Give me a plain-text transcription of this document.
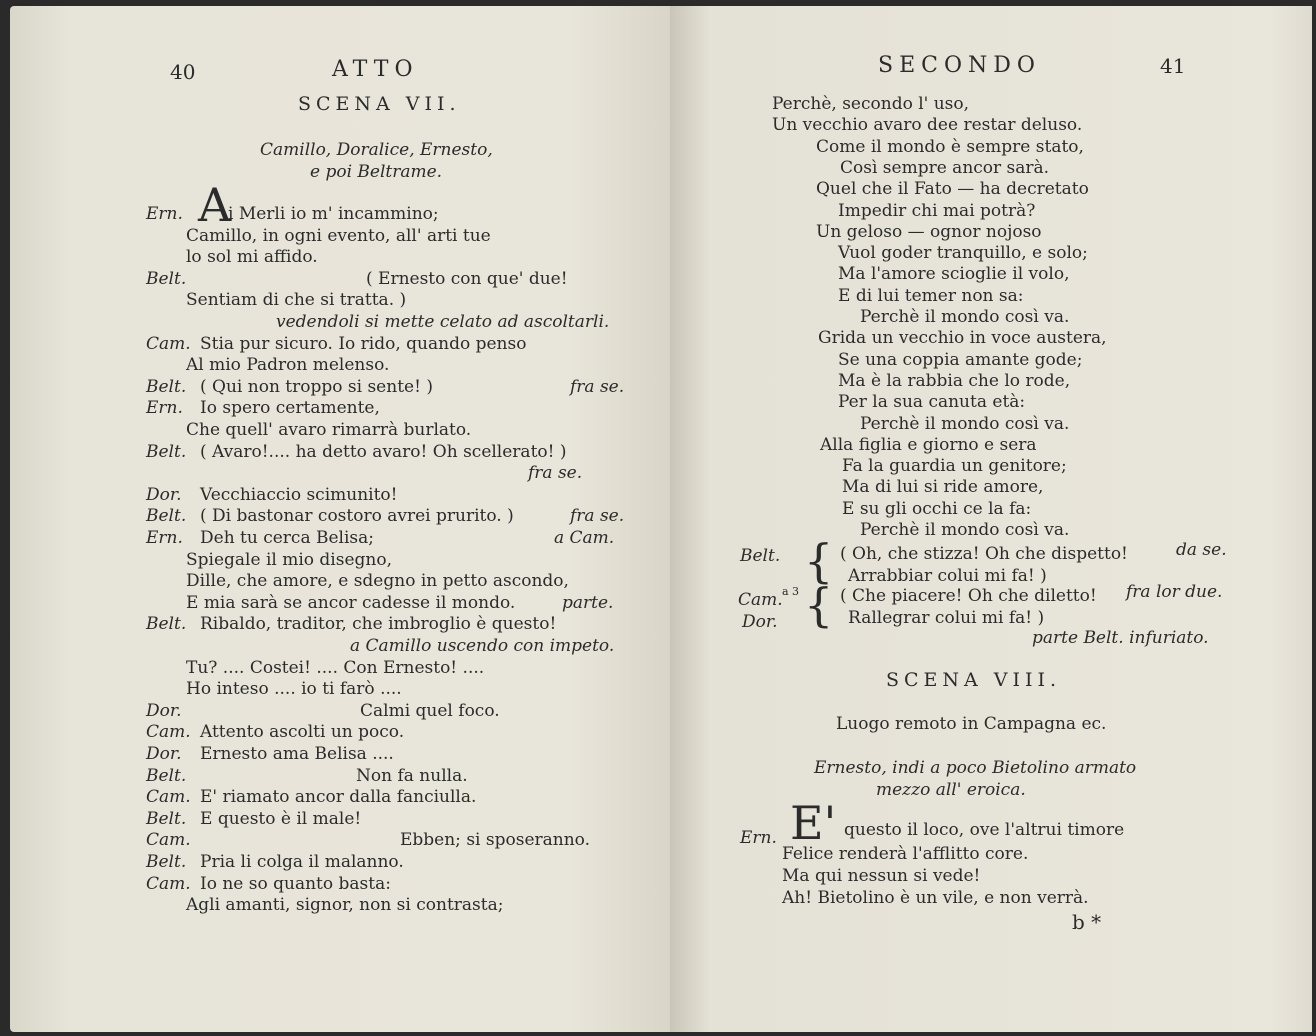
40	ATTO
SCENA VII.
Camillo, Doralice, Ernesto,
e poi Beltrame.
A
Ern.	i Merli io m' incammino;
Camillo, in ogni evento, all' arti tue
lo sol mi affido.
Belt.	( Ernesto con que' due!
Sentiam di che si tratta. )
vedendoli si mette celato ad ascoltarli.
Cam. Stia pur sicuro. Io rido, quando penso
Al mio Padron melenso.
Belt. ( Qui non troppo si sente! )	fra se.
Ern. Io spero certamente,
Che quell' avaro rimarrà burlato.
Belt. ( Avaro!.... ha detto avaro! Oh scellerato! )
fra se.
Dor. Vecchiaccio scimunito!
Belt. ( Di bastonar costoro avrei prurito. )	fra se.
Ern. Deh tu cerca Belisa;	a Cam.
Spiegale il mio disegno,
Dille, che amore, e sdegno in petto ascondo,
E mia sarà se ancor cadesse il mondo.	parte.
Belt. Ribaldo, traditor, che imbroglio è questo!
a Camillo uscendo con impeto.
Tu? .... Costei! .... Con Ernesto! ....
Ho inteso .... io ti farò ....
Dor.	Calmi quel foco.
Cam. Attento ascolti un poco.
Dor. Ernesto ama Belisa ....
Belt.	Non fa nulla.
Cam. E' riamato ancor dalla fanciulla.
Belt. E questo è il male!
Cam.	Ebben; si sposeranno.
Belt. Pria li colga il malanno.
Cam. Io ne so quanto basta:
Agli amanti, signor, non si contrasta;
SECONDO	41
Perchè, secondo l' uso,
Un vecchio avaro dee restar deluso.
Come il mondo è sempre stato,
Così sempre ancor sarà.
Quel che il Fato — ha decretato
Impedir chi mai potrà?
Un geloso — ognor nojoso
Vuol goder tranquillo, e solo;
Ma l'amore scioglie il volo,
E di lui temer non sa:
Perchè il mondo così va.
Grida un vecchio in voce austera,
Se una coppia amante gode;
Ma è la rabbia che lo rode,
Per la sua canuta età:
Perchè il mondo così va.
Alla figlia e giorno e sera
Fa la guardia un genitore;
Ma di lui si ride amore,
E su gli occhi ce la fa:
Perchè il mondo così va.
Belt. { ( Oh, che stizza! Oh che dispetto!	da se.
Arrabbiar colui mi fa! )
Cam. a 3
Dor. { ( Che piacere! Oh che diletto! fra lor due.
Rallegrar colui mi fa! )
parte Belt. infuriato.
SCENA VIII.
Luogo remoto in Campagna ec.
Ernesto, indi a poco Bietolino armato
mezzo all' eroica.
Ern. E' questo il loco, ove l'altrui timore
Felice renderà l'afflitto core.
Ma qui nessun si vede!
Ah! Bietolino è un vile, e non verrà.
b *
